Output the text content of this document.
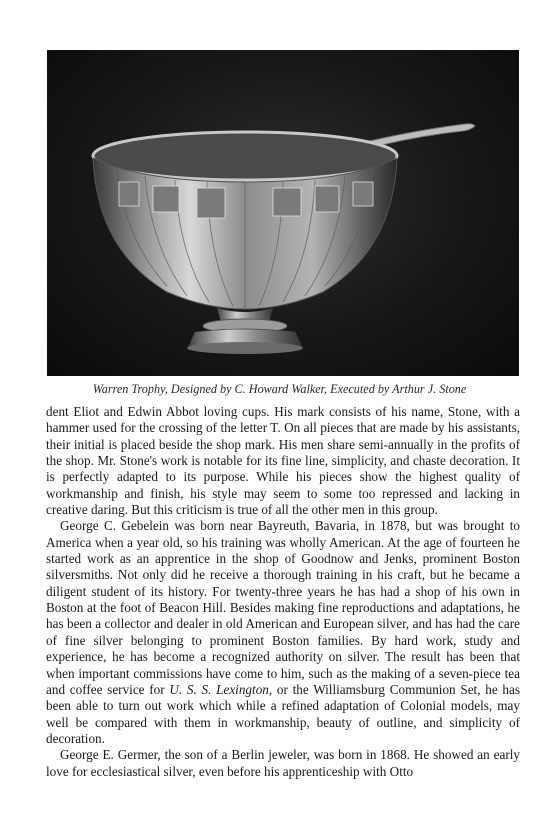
Warren Trophy, Designed by C. Howard Walker, Executed by Arthur J. Stone

dent Eliot and Edwin Abbot loving cups. His mark consists of his name, Stone, with a hammer used for the crossing of the letter T. On all pieces that are made by his assistants, their initial is placed beside the shop mark. His men share semi-annually in the profits of the shop. Mr. Stone's work is notable for its fine line, simplicity, and chaste decoration. It is perfectly adapted to its purpose. While his pieces show the highest quality of workmanship and finish, his style may seem to some too repressed and lacking in creative daring. But this criticism is true of all the other men in this group.

George C. Gebelein was born near Bayreuth, Bavaria, in 1878, but was brought to America when a year old, so his training was wholly American. At the age of fourteen he started work as an apprentice in the shop of Goodnow and Jenks, prominent Boston silversmiths. Not only did he receive a thorough training in his craft, but he became a diligent student of its history. For twenty-three years he has had a shop of his own in Boston at the foot of Beacon Hill. Besides making fine reproductions and adaptations, he has been a collector and dealer in old American and European silver, and has had the care of fine silver belonging to prominent Boston families. By hard work, study and experience, he has become a recognized authority on silver. The result has been that when important commissions have come to him, such as the making of a seven-piece tea and coffee service for U. S. S. Lexington, or the Williamsburg Communion Set, he has been able to turn out work which while a refined adaptation of Colonial models, may well be compared with them in workmanship, beauty of outline, and simplicity of decoration.

George E. Germer, the son of a Berlin jeweler, was born in 1868. He showed an early love for ecclesiastical silver, even before his apprenticeship with Otto
